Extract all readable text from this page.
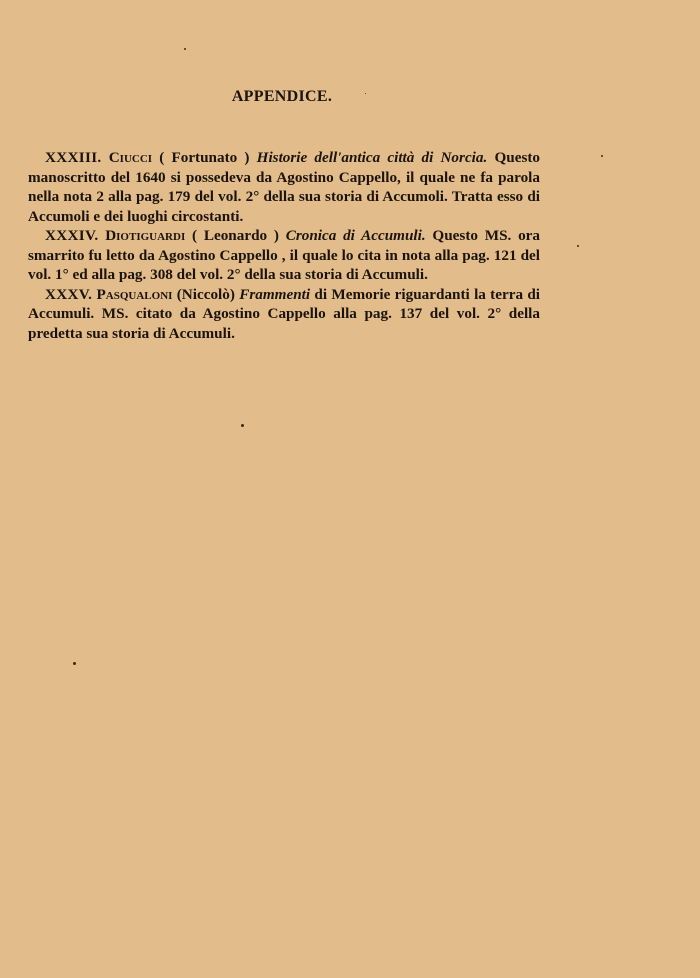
APPENDICE.

XXXIII. Ciucci ( Fortunato ) Historie dell'antica città di Norcia. Questo manoscritto del 1640 si possedeva da Agostino Cappello, il quale ne fa parola nella nota 2 alla pag. 179 del vol. 2° della sua storia di Accumoli. Tratta esso di Accumoli e dei luoghi circostanti.

XXXIV. Diotiguardi ( Leonardo ) Cronica di Accumuli. Questo MS. ora smarrito fu letto da Agostino Cappello , il quale lo cita in nota alla pag. 121 del vol. 1° ed alla pag. 308 del vol. 2° della sua storia di Accumuli.

XXXV. Pasqualoni (Niccolò) Frammenti di Memorie riguardanti la terra di Accumuli. MS. citato da Agostino Cappello alla pag. 137 del vol. 2° della predetta sua storia di Accumuli.
